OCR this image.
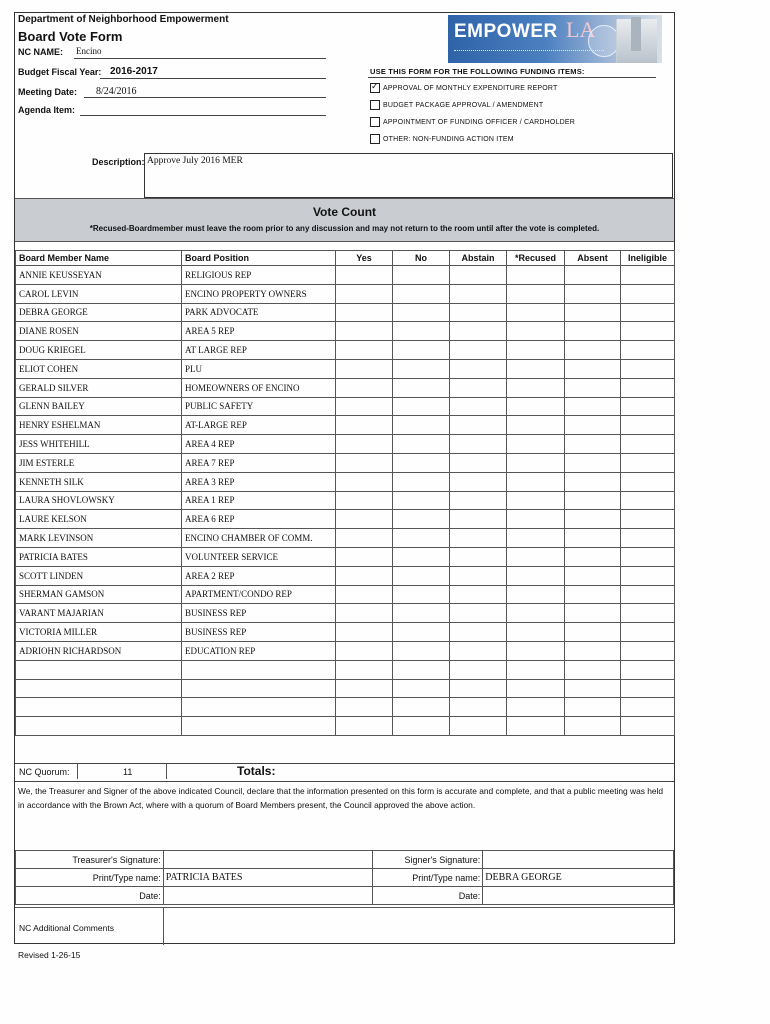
Department of Neighborhood Empowerment
Board Vote Form
NC NAME: Encino
Budget Fiscal Year: 2016-2017
Meeting Date: 8/24/2016
Agenda Item:
EMPOWER LA
USE THIS FORM FOR THE FOLLOWING FUNDING ITEMS:
✓
APPROVAL OF MONTHLY EXPENDITURE REPORT
BUDGET PACKAGE APPROVAL / AMENDMENT
APPOINTMENT OF FUNDING OFFICER / CARDHOLDER
OTHER: NON-FUNDING ACTION ITEM
Description: Approve July 2016 MER
Vote Count
*Recused-Boardmember must leave the room prior to any discussion and may not return to the room until after the vote is completed.
Board Member Name	Board Position	Yes	No	Abstain	*Recused	Absent	Ineligible
ANNIE KEUSSEYAN	RELIGIOUS REP						
CAROL LEVIN	ENCINO PROPERTY OWNERS						
DEBRA GEORGE	PARK ADVOCATE						
DIANE ROSEN	AREA 5 REP						
DOUG KRIEGEL	AT LARGE REP						
ELIOT COHEN	PLU						
GERALD SILVER	HOMEOWNERS OF ENCINO						
GLENN BAILEY	PUBLIC SAFETY						
HENRY ESHELMAN	AT-LARGE REP						
JESS WHITEHILL	AREA 4 REP						
JIM ESTERLE	AREA 7 REP						
KENNETH SILK	AREA 3 REP						
LAURA SHOVLOWSKY	AREA 1 REP						
LAURE KELSON	AREA 6 REP						
MARK LEVINSON	ENCINO CHAMBER OF COMM.						
PATRICIA BATES	VOLUNTEER SERVICE						
SCOTT LINDEN	AREA 2 REP						
SHERMAN GAMSON	APARTMENT/CONDO REP						
VARANT MAJARIAN	BUSINESS REP						
VICTORIA MILLER	BUSINESS REP						
ADRIOHN RICHARDSON	EDUCATION REP						

NC Quorum:	11	Totals:
We, the Treasurer and Signer of the above indicated Council, declare that the information presented on this form is accurate and complete, and that a public meeting was held in accordance with the Brown Act, where with a quorum of Board Members present, the Council approved the above action.
Treasurer's Signature:		Signer's Signature:	
Print/Type name:	PATRICIA BATES	Print/Type name:	DEBRA GEORGE
Date:		Date:	
NC Additional Comments
Revised 1-26-15
